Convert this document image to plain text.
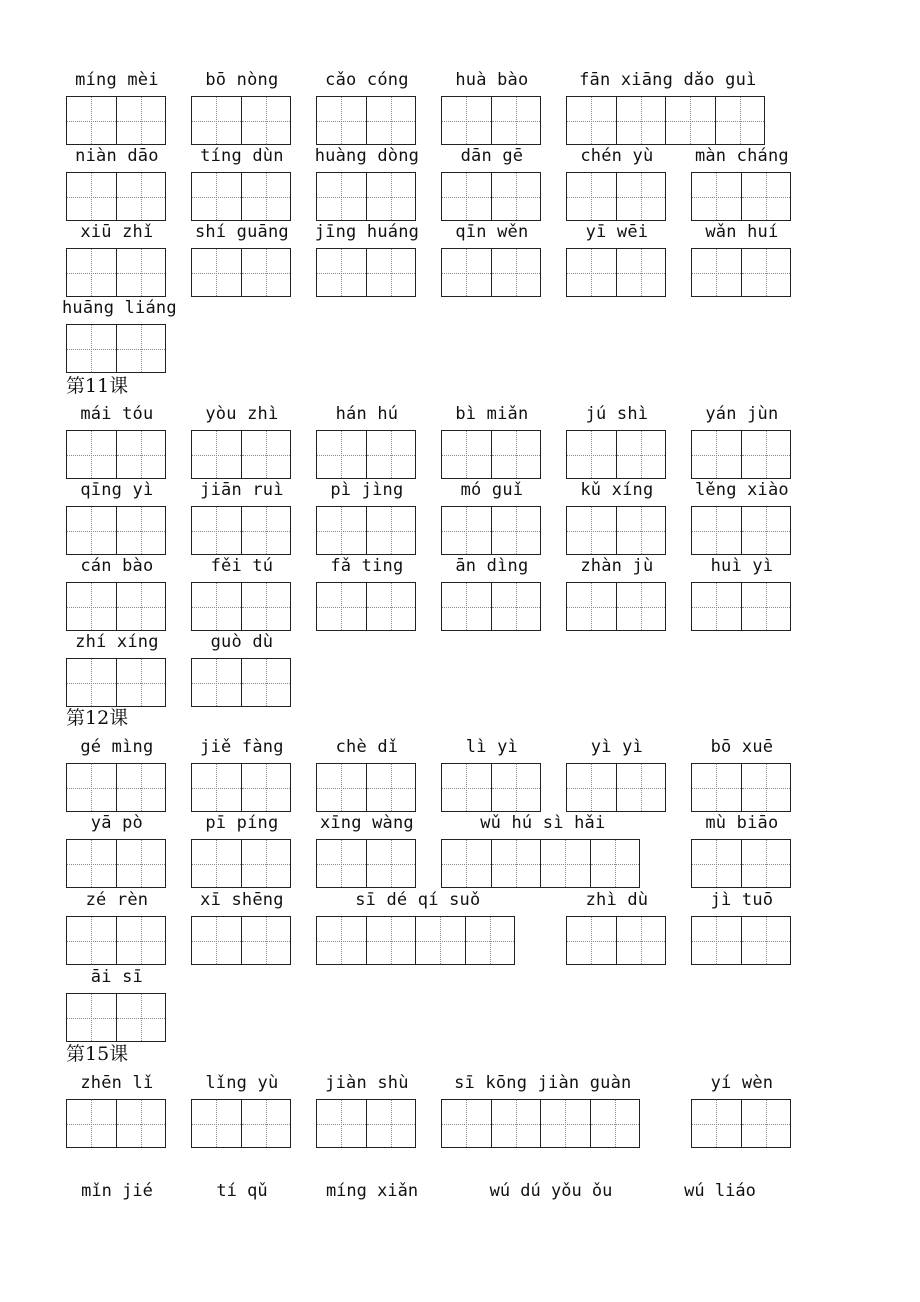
míng mèi	bō nòng	cǎo cóng	huà bào	fān xiāng dǎo guì
niàn dāo	tíng dùn	huàng dòng	dān gē	chén yù	màn cháng
xiū zhǐ	shí guāng	jīng huáng	qīn wěn	yī wēi	wǎn huí
huāng liáng
第11课
mái tóu	yòu zhì	hán hú	bì miǎn	jú shì	yán jùn
qīng yì	jiān ruì	pì jìng	mó guǐ	kǔ xíng	lěng xiào
cán bào	fěi tú	fǎ ting	ān dìng	zhàn jù	huì yì
zhí xíng	guò dù
第12课
gé mìng	jiě fàng	chè dǐ	lì yì	yì yì	bō xuē
yā pò	pī píng	xīng wàng	wǔ hú sì hǎi	mù biāo
zé rèn	xī shēng	sī dé qí suǒ	zhì dù	jì tuō
āi sī
第15课
zhēn lǐ	lǐng yù	jiàn shù	sī kōng jiàn guàn	yí wèn
mǐn jié	tí qǔ	míng xiǎn	wú dú yǒu ǒu	wú liáo
